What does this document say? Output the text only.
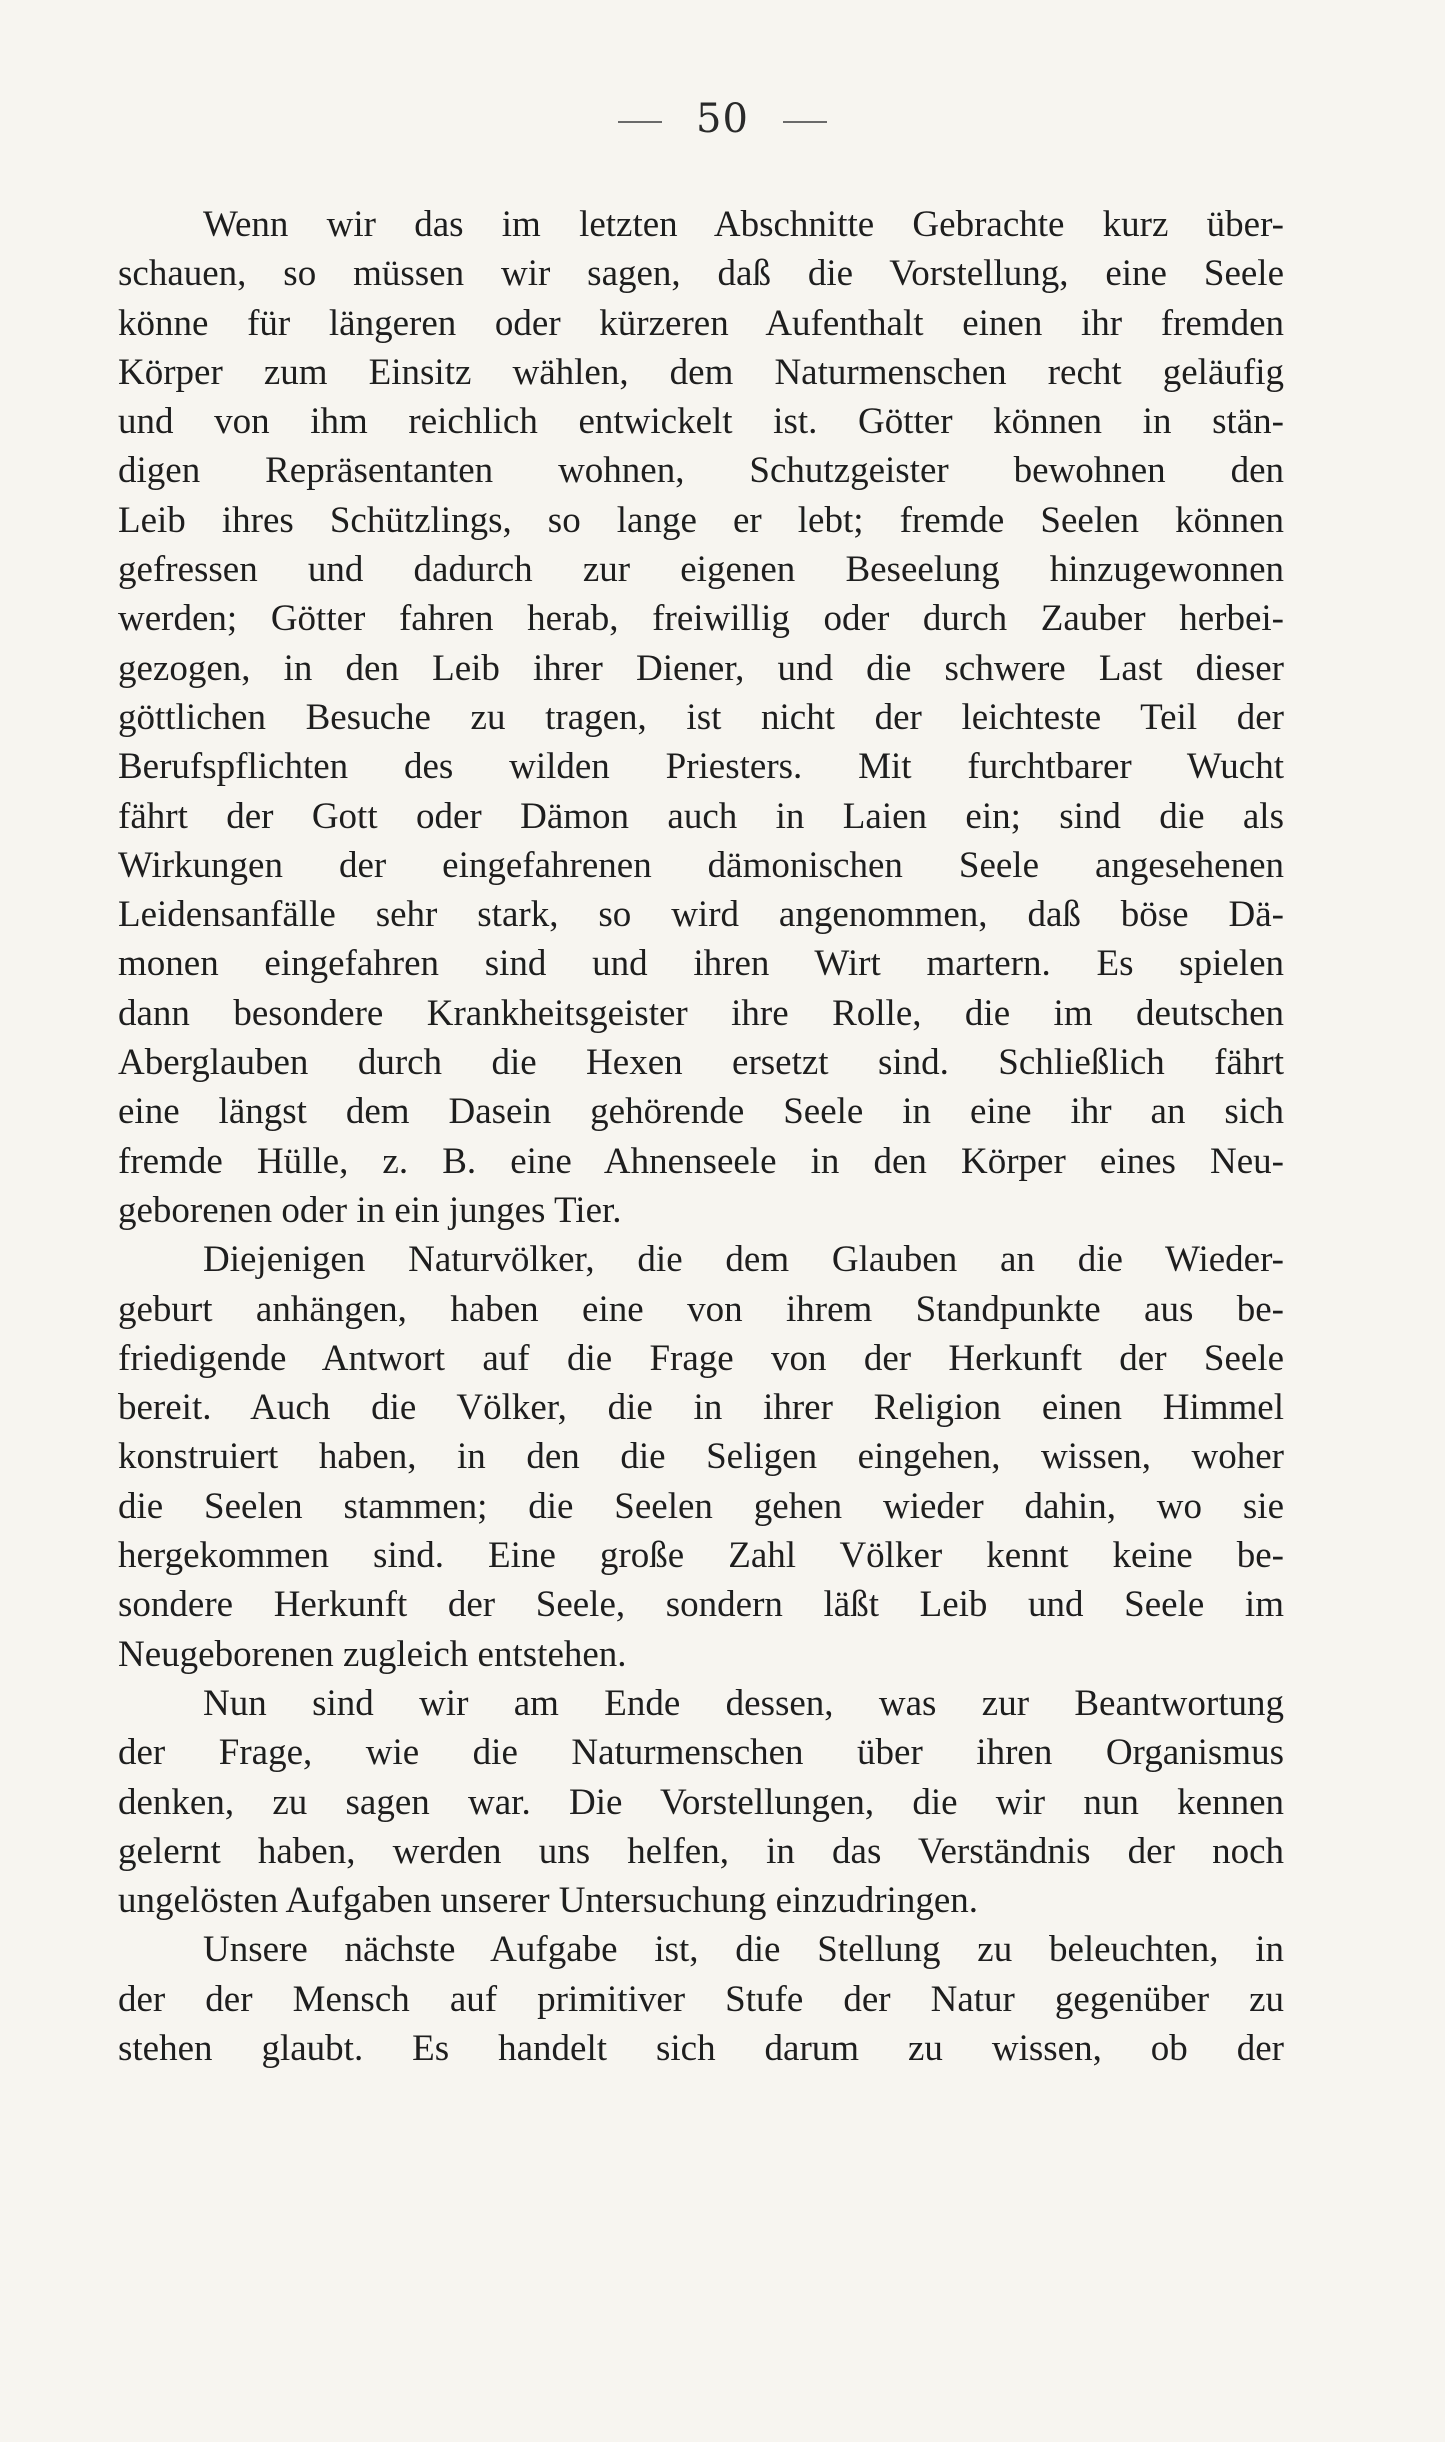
50
Wenn wir das im letzten Abschnitte Gebrachte kurz über-
schauen, so müssen wir sagen, daß die Vorstellung, eine Seele
könne für längeren oder kürzeren Aufenthalt einen ihr fremden
Körper zum Einsitz wählen, dem Naturmenschen recht geläufig
und von ihm reichlich entwickelt ist. Götter können in stän-
digen Repräsentanten wohnen, Schutzgeister bewohnen den
Leib ihres Schützlings, so lange er lebt; fremde Seelen können
gefressen und dadurch zur eigenen Beseelung hinzugewonnen
werden; Götter fahren herab, freiwillig oder durch Zauber herbei-
gezogen, in den Leib ihrer Diener, und die schwere Last dieser
göttlichen Besuche zu tragen, ist nicht der leichteste Teil der
Berufspflichten des wilden Priesters. Mit furchtbarer Wucht
fährt der Gott oder Dämon auch in Laien ein; sind die als
Wirkungen der eingefahrenen dämonischen Seele angesehenen
Leidensanfälle sehr stark, so wird angenommen, daß böse Dä-
monen eingefahren sind und ihren Wirt martern. Es spielen
dann besondere Krankheitsgeister ihre Rolle, die im deutschen
Aberglauben durch die Hexen ersetzt sind. Schließlich fährt
eine längst dem Dasein gehörende Seele in eine ihr an sich
fremde Hülle, z. B. eine Ahnenseele in den Körper eines Neu-
geborenen oder in ein junges Tier.
Diejenigen Naturvölker, die dem Glauben an die Wieder-
geburt anhängen, haben eine von ihrem Standpunkte aus be-
friedigende Antwort auf die Frage von der Herkunft der Seele
bereit. Auch die Völker, die in ihrer Religion einen Himmel
konstruiert haben, in den die Seligen eingehen, wissen, woher
die Seelen stammen; die Seelen gehen wieder dahin, wo sie
hergekommen sind. Eine große Zahl Völker kennt keine be-
sondere Herkunft der Seele, sondern läßt Leib und Seele im
Neugeborenen zugleich entstehen.
Nun sind wir am Ende dessen, was zur Beantwortung
der Frage, wie die Naturmenschen über ihren Organismus
denken, zu sagen war. Die Vorstellungen, die wir nun kennen
gelernt haben, werden uns helfen, in das Verständnis der noch
ungelösten Aufgaben unserer Untersuchung einzudringen.
Unsere nächste Aufgabe ist, die Stellung zu beleuchten, in
der der Mensch auf primitiver Stufe der Natur gegenüber zu
stehen glaubt. Es handelt sich darum zu wissen, ob der
